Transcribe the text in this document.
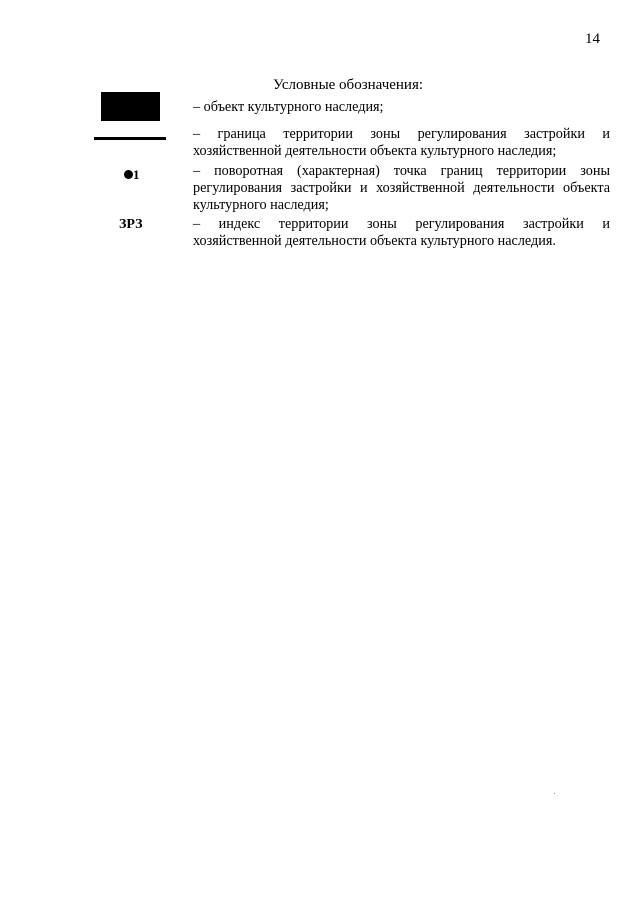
14
Условные обозначения:
– объект культурного наследия;
– граница территории зоны регулирования застройки и хозяйственной деятельности объекта культурного наследия;
1	– поворотная (характерная) точка границ территории зоны регулирования застройки и хозяйственной деятельности объекта культурного наследия;
ЗРЗ	– индекс территории зоны регулирования застройки и хозяйственной деятельности объекта культурного наследия.
